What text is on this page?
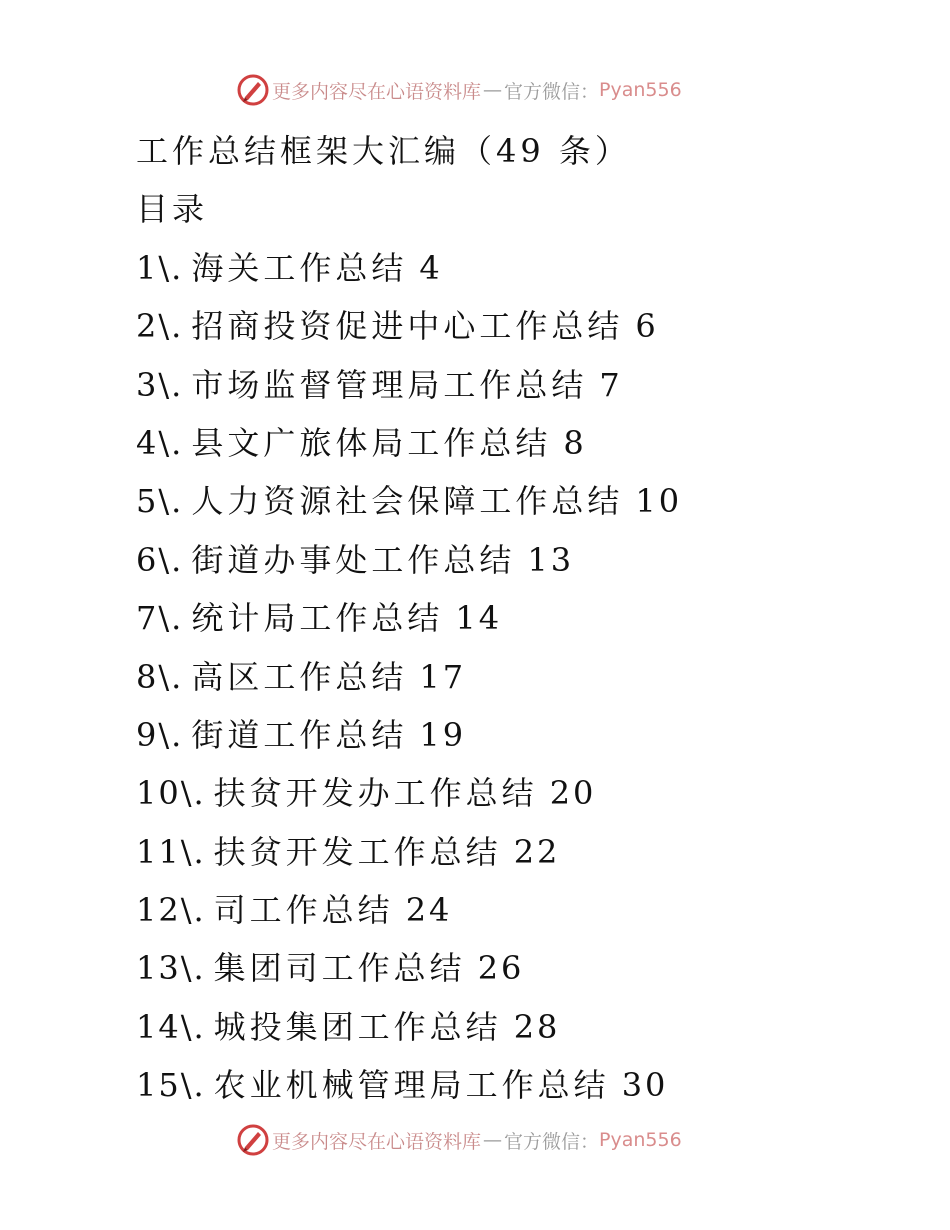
更多内容尽在心语资料库 — 官方微信： Pyan556
工作总结框架大汇编（49 条）
目录
1\. 海关工作总结 4
2\. 招商投资促进中心工作总结 6
3\. 市场监督管理局工作总结 7
4\. 县文广旅体局工作总结 8
5\. 人力资源社会保障工作总结 10
6\. 街道办事处工作总结 13
7\. 统计局工作总结 14
8\. 高区工作总结 17
9\. 街道工作总结 19
10\. 扶贫开发办工作总结 20
11\. 扶贫开发工作总结 22
12\. 司工作总结 24
13\. 集团司工作总结 26
14\. 城投集团工作总结 28
15\. 农业机械管理局工作总结 30
更多内容尽在心语资料库 — 官方微信： Pyan556
